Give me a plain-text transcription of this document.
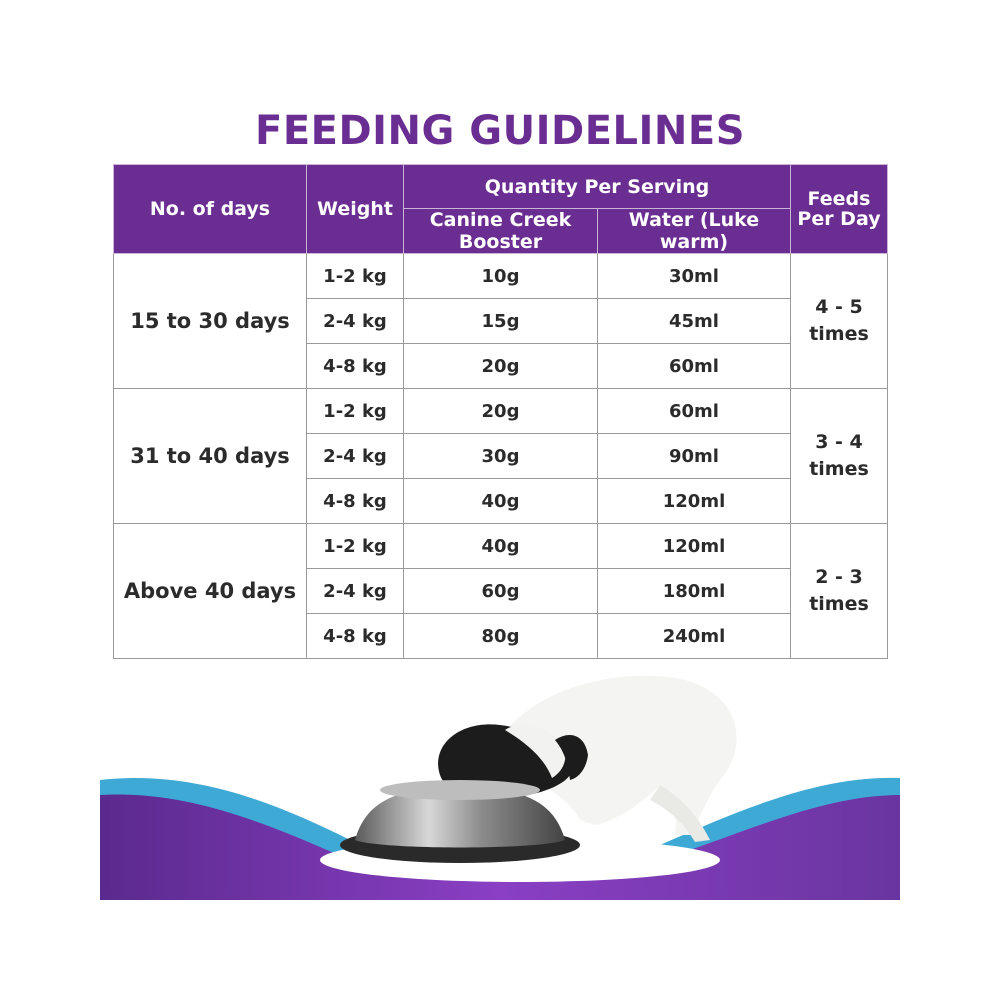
FEEDING GUIDELINES
No. of days	Weight	Quantity Per Serving		Feeds
Per Day
		Canine Creek Booster	Water (Luke warm)	
15 to 30 days	1-2 kg	10g	30ml	4 - 5
times
	2-4 kg	15g	45ml	
	4-8 kg	20g	60ml	
31 to 40 days	1-2 kg	20g	60ml	3 - 4
times
	2-4 kg	30g	90ml	
	4-8 kg	40g	120ml	
Above 40 days	1-2 kg	40g	120ml	2 - 3
times
	2-4 kg	60g	180ml	
	4-8 kg	80g	240ml	
